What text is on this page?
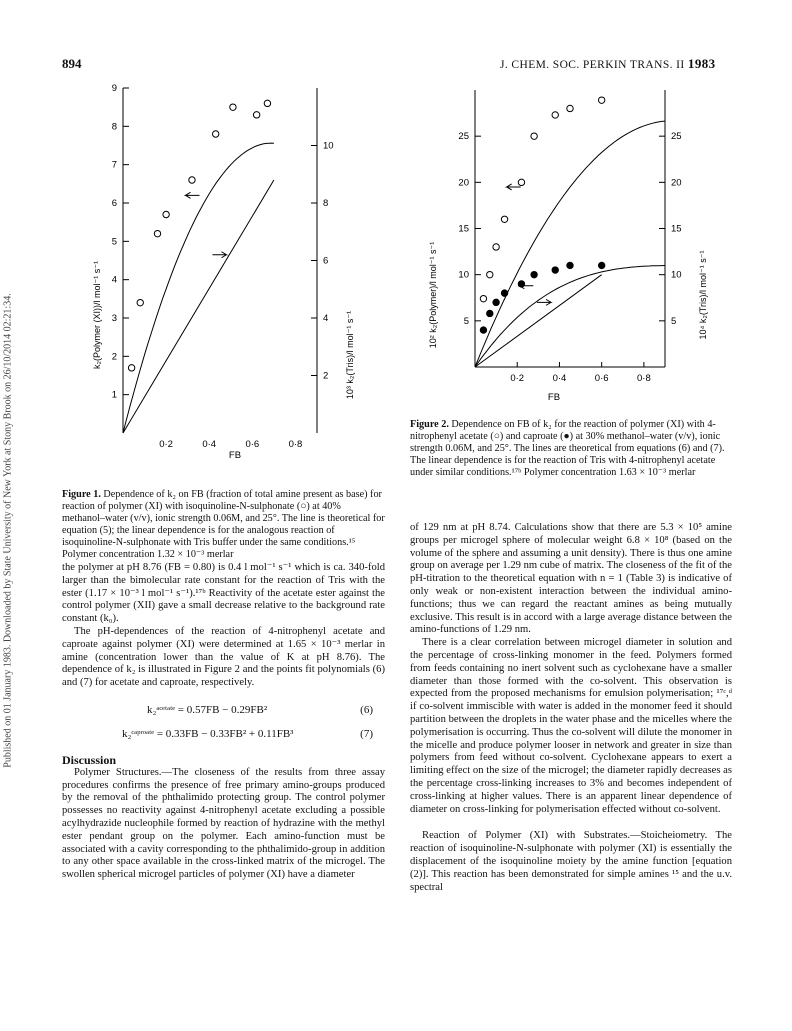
894	J. CHEM. SOC. PERKIN TRANS. II 1983
Published on 01 January 1983. Downloaded by State University of New York at Stony Brook on 26/10/2014 02:21:34.	1
2
3
4
5
6
7
8
9
2
4
6
8
10
0·2	0·4	0·6	0·8
k₂(Polymer (XI))/l mol⁻¹ s⁻¹	10³ k₂(Tris)/l mol⁻¹ s⁻¹
FB
Figure 1. Dependence of k₂ on FB (fraction of total amine present as base) for reaction of polymer (XI) with isoquinoline-N-sulphonate (○) at 40% methanol–water (v/v), ionic strength 0.06M, and 25°. The line is theoretical for equation (5); the linear dependence is for the analogous reaction of isoquinoline-N-sulphonate with Tris buffer under the same conditions.¹⁵ Polymer concentration 1.32 × 10⁻³ merlar
5
10
15
20
25
5
10
15
20
25
0·2	0·4	0·6	0·8
10² k₂(Polymer)/l mol⁻¹ s⁻¹	10⁴ k₂(Tris)/l mol⁻¹ s⁻¹
FB
Figure 2. Dependence on FB of k₂ for the reaction of polymer (XI) with 4-nitrophenyl acetate (○) and caproate (●) at 30% methanol–water (v/v), ionic strength 0.06M, and 25°. The lines are theoretical from equations (6) and (7). The linear dependence is for the reaction of Tris with 4-nitrophenyl acetate under similar conditions.¹⁷ᵇ Polymer concentration 1.63 × 10⁻³ merlar

the polymer at pH 8.76 (FB = 0.80) is 0.4 l mol⁻¹ s⁻¹ which is ca. 340-fold larger than the bimolecular rate constant for the reaction of Tris with the ester (1.17 × 10⁻³ l mol⁻¹ s⁻¹).¹⁷ᵇ Reactivity of the acetate ester against the control polymer (XII) gave a small decrease relative to the background rate constant (k₀).

The pH-dependences of the reaction of 4-nitrophenyl acetate and caproate against polymer (XI) were determined at 1.65 × 10⁻³ merlar in amine (concentration lower than the value of K at pH 8.76). The dependence of k₂ is illustrated in Figure 2 and the points fit polynomials (6) and (7) for acetate and caproate, respectively.

k₂ᵃᶜᵉᵗᵃᵗᵉ = 0.57FB − 0.29FB²	(6)
k₂ᶜᵃᵖʳᵒᵃᵗᵉ = 0.33FB − 0.33FB² + 0.11FB³	(7)

Discussion

Polymer Structures.—The closeness of the results from three assay procedures confirms the presence of free primary amino-groups produced by the removal of the phthalimido protecting group. The control polymer possesses no reactivity against 4-nitrophenyl acetate excluding a possible acylhydrazide nucleophile formed by reaction of hydrazine with the methyl ester pendant group on the polymer. Each amino-function must be associated with a cavity corresponding to the phthalimido-group in addition to any other space available in the cross-linked matrix of the microgel. The swollen spherical microgel particles of polymer (XI) have a diameter

of 129 nm at pH 8.74. Calculations show that there are 5.3 × 10⁵ amine groups per microgel sphere of molecular weight 6.8 × 10⁸ (based on the volume of the sphere and assuming a unit density). There is thus one amine group on average per 1.29 nm cube of matrix. The closeness of the fit of the pH-titration to the theoretical equation with n = 1 (Table 3) is indicative of only weak or non-existent interaction between the individual amino-functions; thus we can regard the reactant amines as being mutually exclusive. This result is in accord with a large average distance between the amino-functions of 1.29 nm.

There is a clear correlation between microgel diameter in solution and the percentage of cross-linking monomer in the feed. Polymers formed from feeds containing no inert solvent such as cyclohexane have a smaller diameter than those formed with the co-solvent. This observation is expected from the proposed mechanisms for emulsion polymerisation; ¹⁷ᶜ,ᵈ if co-solvent immiscible with water is added in the monomer feed it should partition between the droplets in the water phase and the micelles where the polymerisation is occurring. Thus the co-solvent will dilute the monomer in the micelle and produce polymer looser in network and greater in size than polymers from feed without co-solvent. Cyclohexane appears to exert a limiting effect on the size of the microgel; the diameter rapidly decreases as the percentage cross-linking increases to 3% and becomes independent of cross-linking at higher values. There is an apparent linear dependence of diameter on cross-linking for polymerisation effected without co-solvent.

Reaction of Polymer (XI) with Substrates.—Stoicheiometry. The reaction of isoquinoline-N-sulphonate with polymer (XI) is essentially the displacement of the isoquinoline moiety by the amine function [equation (2)]. This reaction has been demonstrated for simple amines ¹⁵ and the u.v. spectral
